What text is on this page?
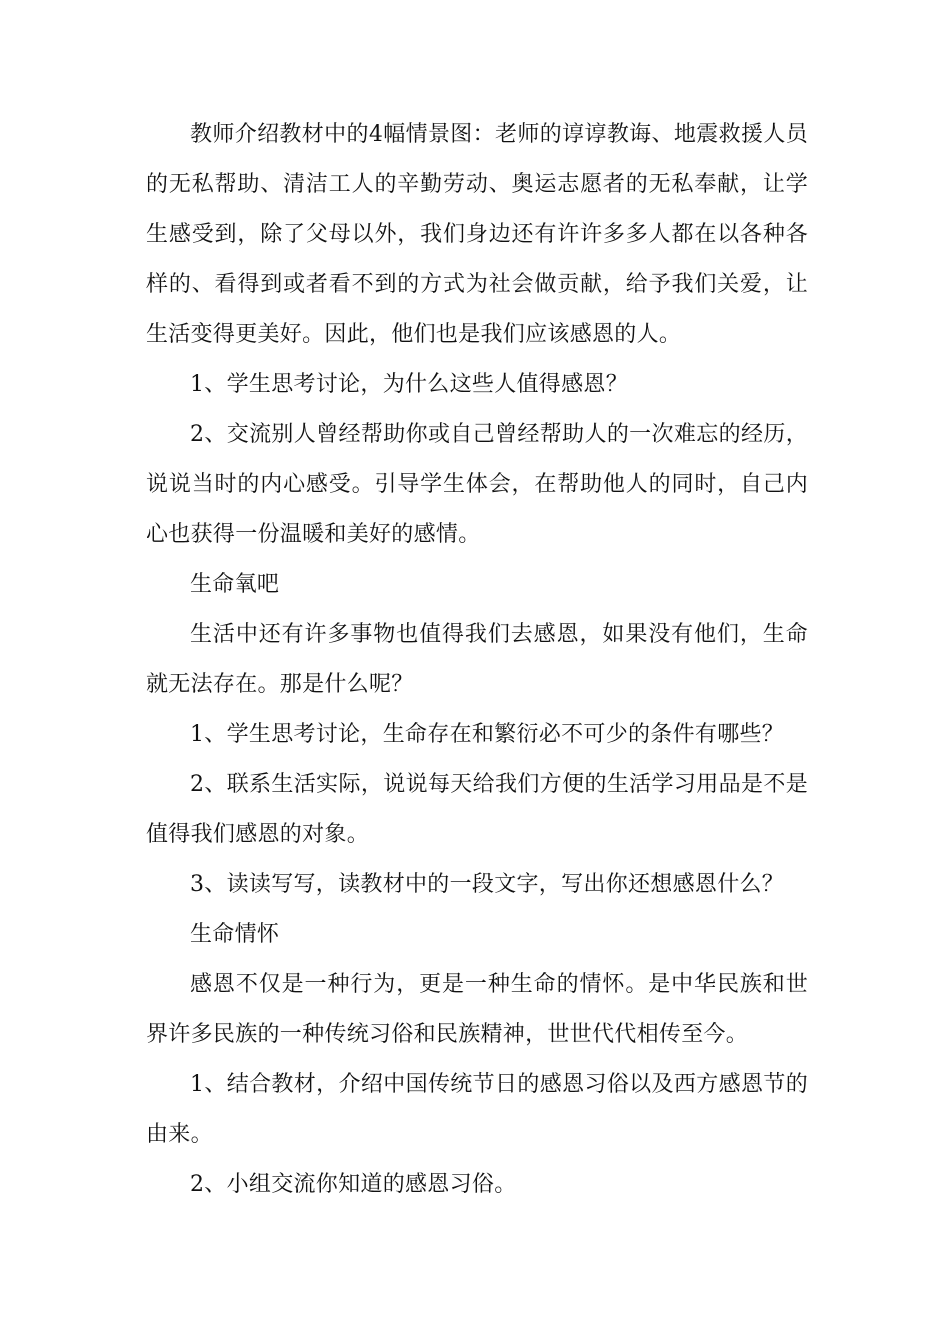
教师介绍教材中的4幅情景图：老师的谆谆教诲、地震救援人员的无私帮助、清洁工人的辛勤劳动、奥运志愿者的无私奉献，让学生感受到，除了父母以外，我们身边还有许许多多人都在以各种各样的、看得到或者看不到的方式为社会做贡献，给予我们关爱，让生活变得更美好。因此，他们也是我们应该感恩的人。

1、学生思考讨论，为什么这些人值得感恩？

2、交流别人曾经帮助你或自己曾经帮助人的一次难忘的经历，说说当时的内心感受。引导学生体会，在帮助他人的同时，自己内心也获得一份温暖和美好的感情。

生命氧吧

生活中还有许多事物也值得我们去感恩，如果没有他们，生命就无法存在。那是什么呢？

1、学生思考讨论，生命存在和繁衍必不可少的条件有哪些？

2、联系生活实际，说说每天给我们方便的生活学习用品是不是值得我们感恩的对象。

3、读读写写，读教材中的一段文字，写出你还想感恩什么？

生命情怀

感恩不仅是一种行为，更是一种生命的情怀。是中华民族和世界许多民族的一种传统习俗和民族精神，世世代代相传至今。

1、结合教材，介绍中国传统节日的感恩习俗以及西方感恩节的由来。

2、小组交流你知道的感恩习俗。
